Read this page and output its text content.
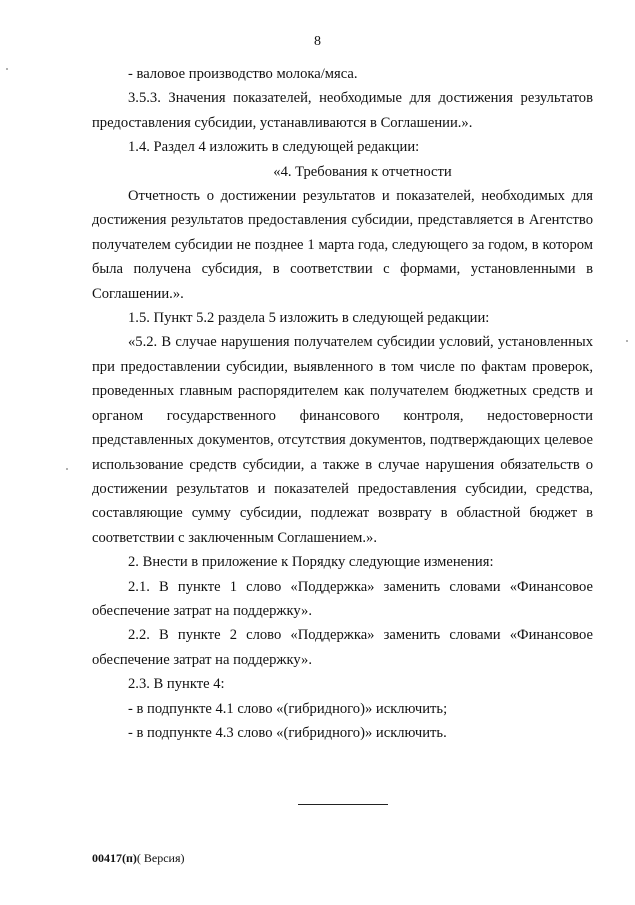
8

- валовое производство молока/мяса.

3.5.3. Значения показателей, необходимые для достижения результатов предоставления субсидии, устанавливаются в Соглашении.».

1.4. Раздел 4 изложить в следующей редакции:

«4. Требования к отчетности

Отчетность о достижении результатов и показателей, необходимых для достижения результатов предоставления субсидии, представляется в Агентство получателем субсидии не позднее 1 марта года, следующего за годом, в котором была получена субсидия, в соответствии с формами, установленными в Соглашении.».

1.5. Пункт 5.2 раздела 5 изложить в следующей редакции:

«5.2. В случае нарушения получателем субсидии условий, установленных при предоставлении субсидии, выявленного в том числе по фактам проверок, проведенных главным распорядителем как получателем бюджетных средств и органом государственного финансового контроля, недостоверности представленных документов, отсутствия документов, подтверждающих целевое использование средств субсидии, а также в случае нарушения обязательств о достижении результатов и показателей предоставления субсидии, средства, составляющие сумму субсидии, подлежат возврату в областной бюджет в соответствии с заключенным Соглашением.».

2. Внести в приложение к Порядку следующие изменения:

2.1. В пункте 1 слово «Поддержка» заменить словами «Финансовое обеспечение затрат на поддержку».

2.2. В пункте 2 слово «Поддержка» заменить словами «Финансовое обеспечение затрат на поддержку».

2.3. В пункте 4:

- в подпункте 4.1 слово «(гибридного)» исключить;

- в подпункте 4.3 слово «(гибридного)» исключить.

00417(п)( Версия)
